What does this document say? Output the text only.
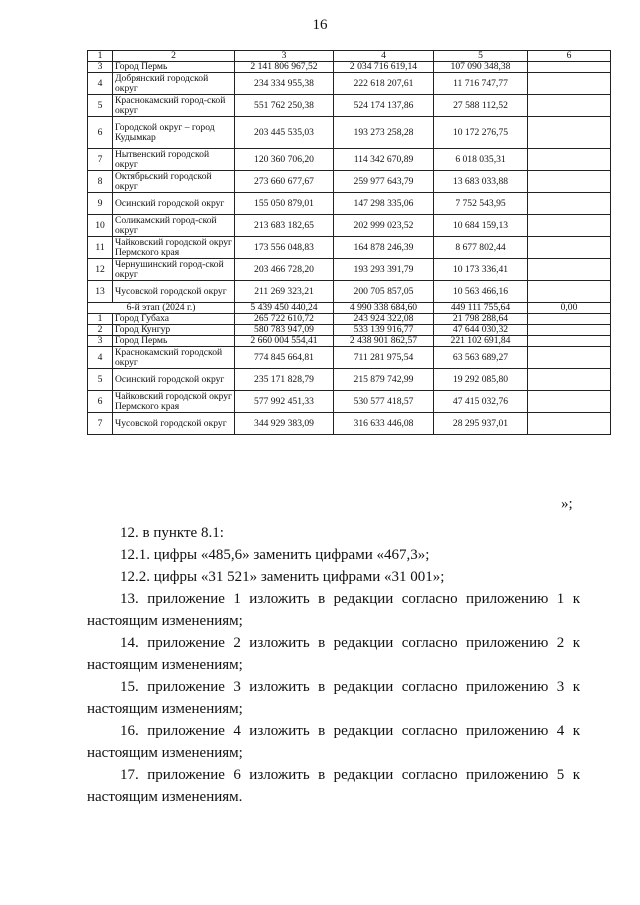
16
1	2	3	4	5	6
3	Город Пермь	2 141 806 967,52	2 034 716 619,14	107 090 348,38	
4	Добрянский городской округ	234 334 955,38	222 618 207,61	11 716 747,77	
5	Краснокамский город-ской округ	551 762 250,38	524 174 137,86	27 588 112,52	
6	Городской округ – город Кудымкар	203 445 535,03	193 273 258,28	10 172 276,75	
7	Нытвенский городской округ	120 360 706,20	114 342 670,89	6 018 035,31	
8	Октябрьский городской округ	273 660 677,67	259 977 643,79	13 683 033,88	
9	Осинский городской округ	155 050 879,01	147 298 335,06	7 752 543,95	
10	Соликамский город-ской округ	213 683 182,65	202 999 023,52	10 684 159,13	
11	Чайковский городской округ Пермского края	173 556 048,83	164 878 246,39	8 677 802,44	
12	Чернушинский город-ской округ	203 466 728,20	193 293 391,79	10 173 336,41	
13	Чусовской городской округ	211 269 323,21	200 705 857,05	10 563 466,16	
6-й этап (2024 г.)		5 439 450 440,24	4 990 338 684,60	449 111 755,64	0,00
1	Город Губаха	265 722 610,72	243 924 322,08	21 798 288,64	
2	Город Кунгур	580 783 947,09	533 139 916,77	47 644 030,32	
3	Город Пермь	2 660 004 554,41	2 438 901 862,57	221 102 691,84	
4	Краснокамский городской округ	774 845 664,81	711 281 975,54	63 563 689,27	
5	Осинский городской округ	235 171 828,79	215 879 742,99	19 292 085,80	
6	Чайковский городской округ Пермского края	577 992 451,33	530 577 418,57	47 415 032,76	
7	Чусовской городской округ	344 929 383,09	316 633 446,08	28 295 937,01	
»;

12. в пункте 8.1:

12.1. цифры «485,6» заменить цифрами «467,3»;

12.2. цифры «31 521» заменить цифрами «31 001»;

13. приложение 1 изложить в редакции согласно приложению 1 к настоящим изменениям;

14. приложение 2 изложить в редакции согласно приложению 2 к настоящим изменениям;

15. приложение 3 изложить в редакции согласно приложению 3 к настоящим изменениям;

16. приложение 4 изложить в редакции согласно приложению 4 к настоящим изменениям;

17. приложение 6 изложить в редакции согласно приложению 5 к настоящим изменениям.
